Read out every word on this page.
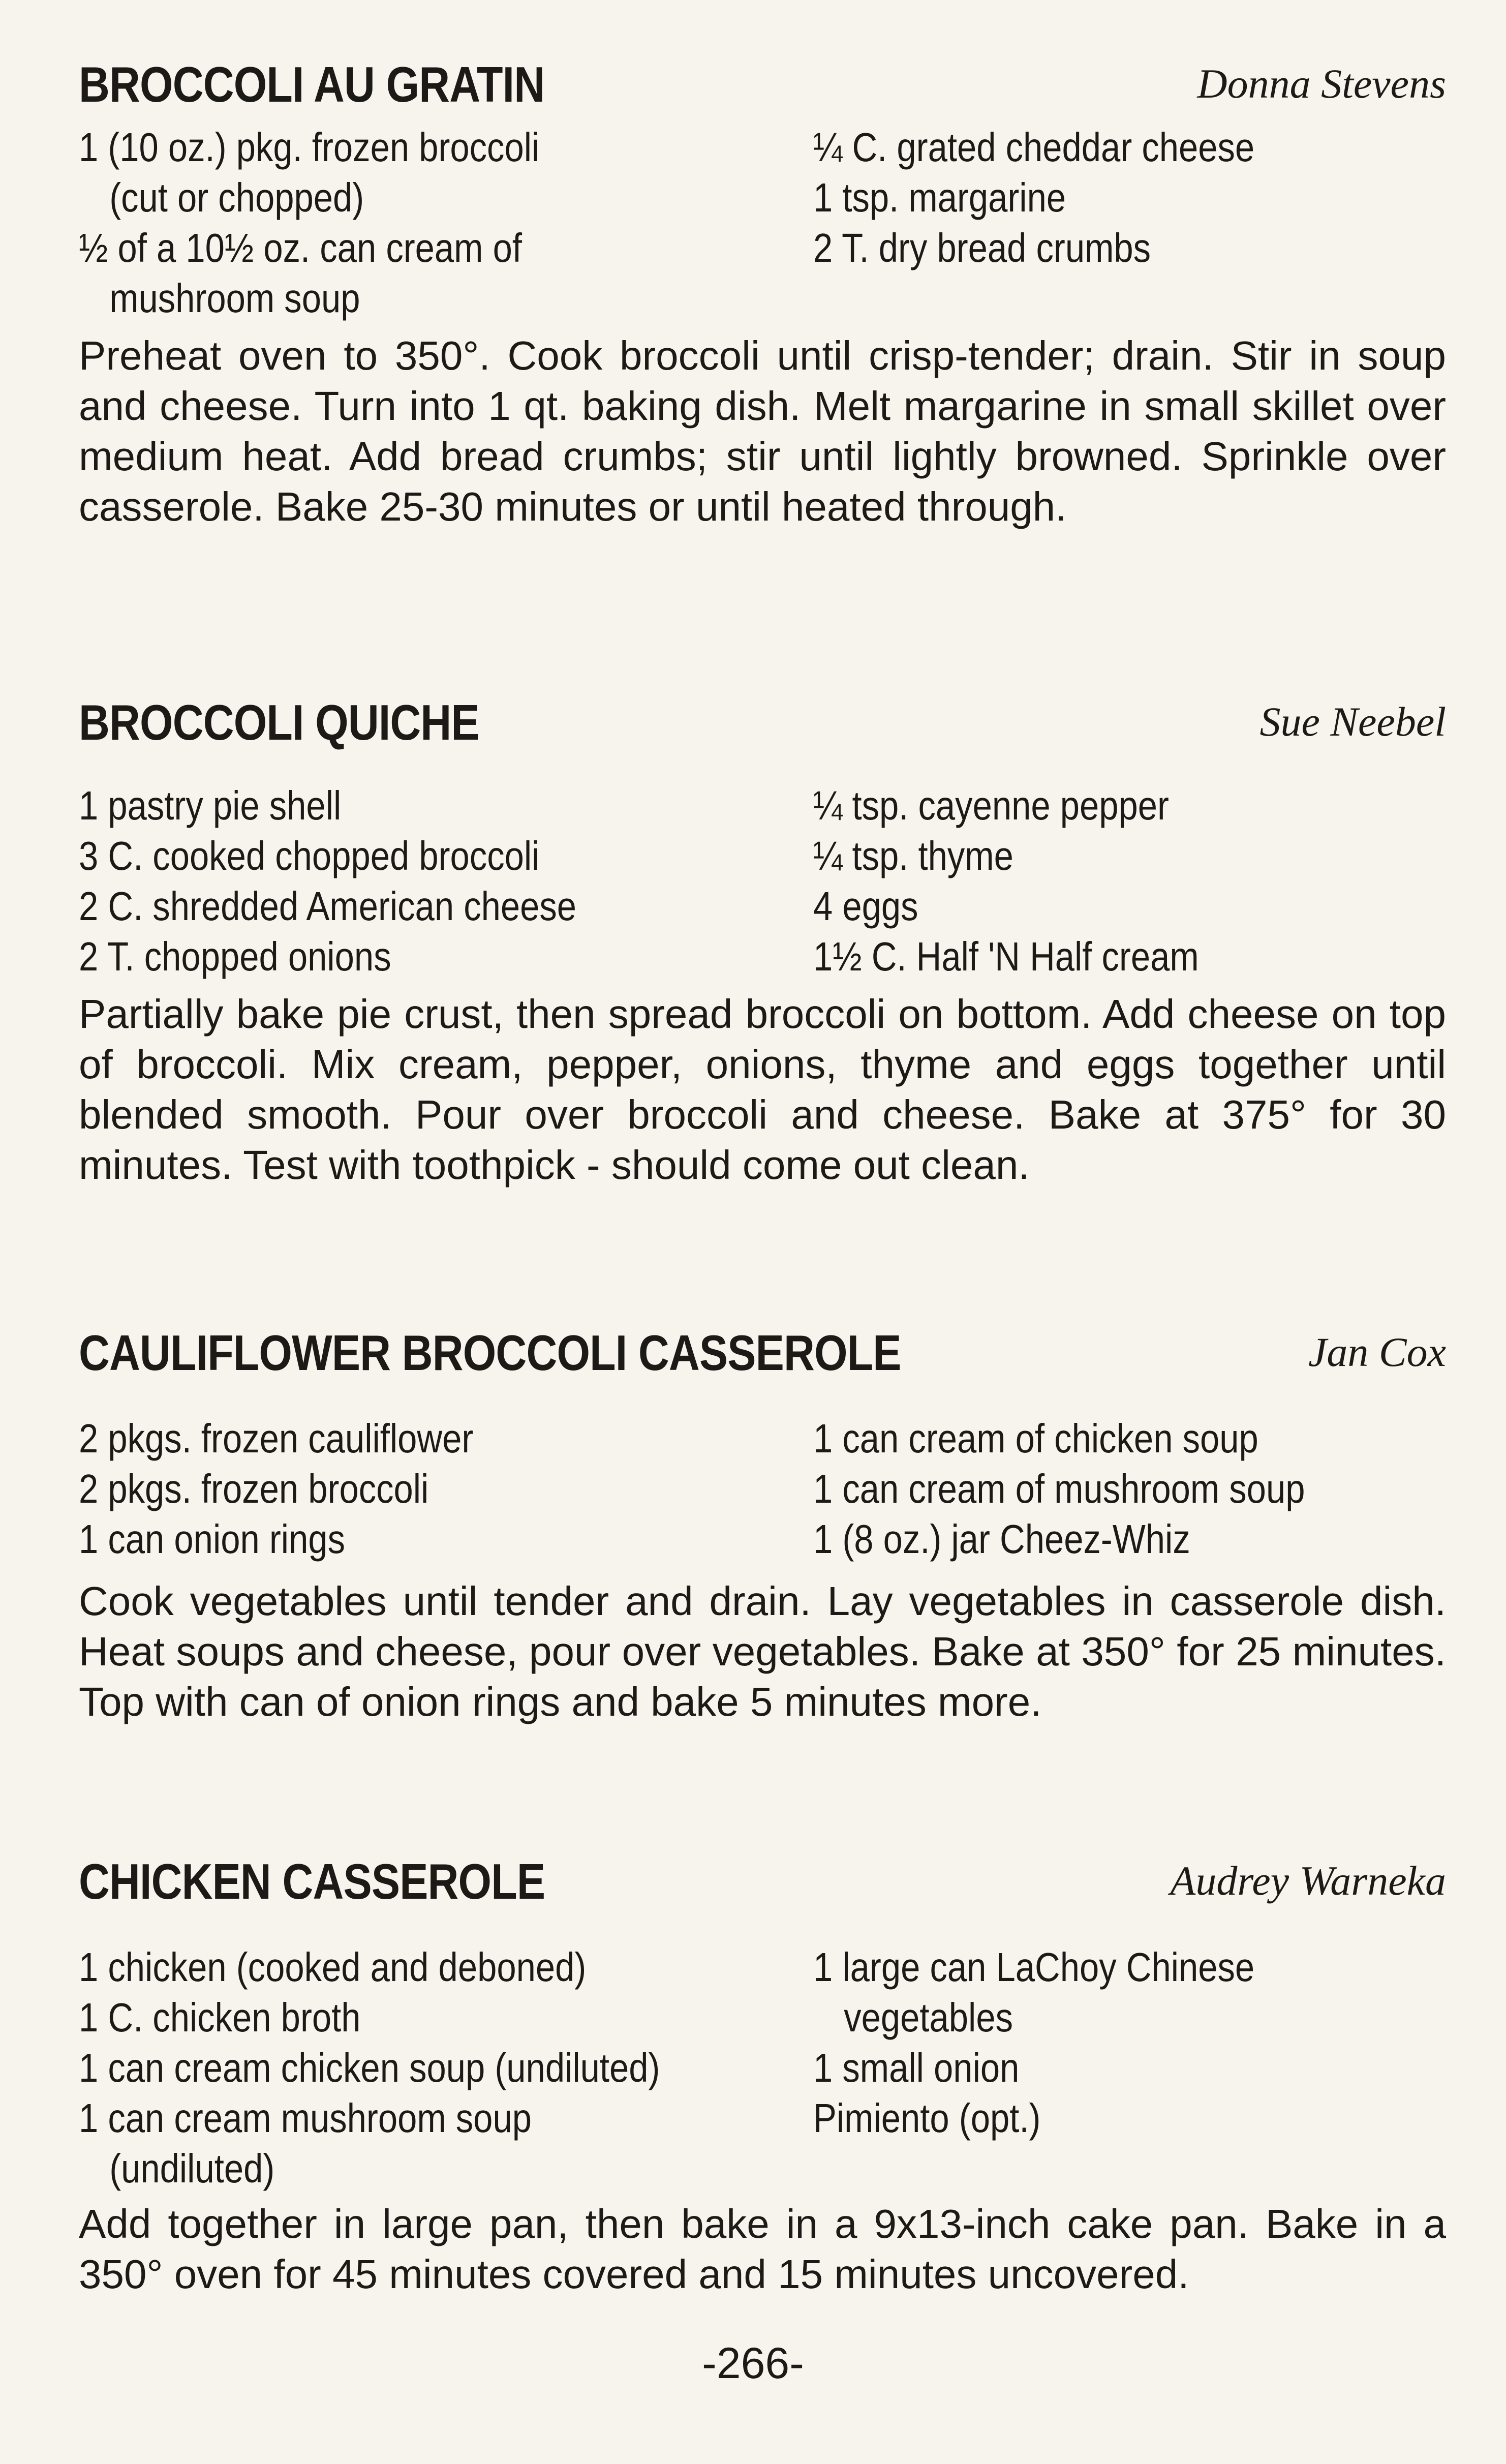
BROCCOLI AU GRATIN	Donna Stevens
1 (10 oz.) pkg. frozen broccoli
(cut or chopped)
½ of a 10½ oz. can cream of
mushroom soup
¼ C. grated cheddar cheese
1 tsp. margarine
2 T. dry bread crumbs
Preheat oven to 350°. Cook broccoli until crisp-tender; drain. Stir in soup and cheese. Turn into 1 qt. baking dish. Melt margarine in small skillet over medium heat. Add bread crumbs; stir until lightly browned. Sprinkle over casserole. Bake 25-30 minutes or until heated through.
BROCCOLI QUICHE	Sue Neebel
1 pastry pie shell
3 C. cooked chopped broccoli
2 C. shredded American cheese
2 T. chopped onions
¼ tsp. cayenne pepper
¼ tsp. thyme
4 eggs
1½ C. Half 'N Half cream
Partially bake pie crust, then spread broccoli on bottom. Add cheese on top of broccoli. Mix cream, pepper, onions, thyme and eggs together until blended smooth. Pour over broccoli and cheese. Bake at 375° for 30 minutes. Test with toothpick - should come out clean.
CAULIFLOWER BROCCOLI CASSEROLE	Jan Cox
2 pkgs. frozen cauliflower
2 pkgs. frozen broccoli
1 can onion rings
1 can cream of chicken soup
1 can cream of mushroom soup
1 (8 oz.) jar Cheez-Whiz
Cook vegetables until tender and drain. Lay vegetables in casserole dish. Heat soups and cheese, pour over vegetables. Bake at 350° for 25 minutes. Top with can of onion rings and bake 5 minutes more.
CHICKEN CASSEROLE	Audrey Warneka
1 chicken (cooked and deboned)
1 C. chicken broth
1 can cream chicken soup (undiluted)
1 can cream mushroom soup
(undiluted)
1 large can LaChoy Chinese
vegetables
1 small onion
Pimiento (opt.)
Add together in large pan, then bake in a 9x13-inch cake pan. Bake in a 350° oven for 45 minutes covered and 15 minutes uncovered.
-266-
